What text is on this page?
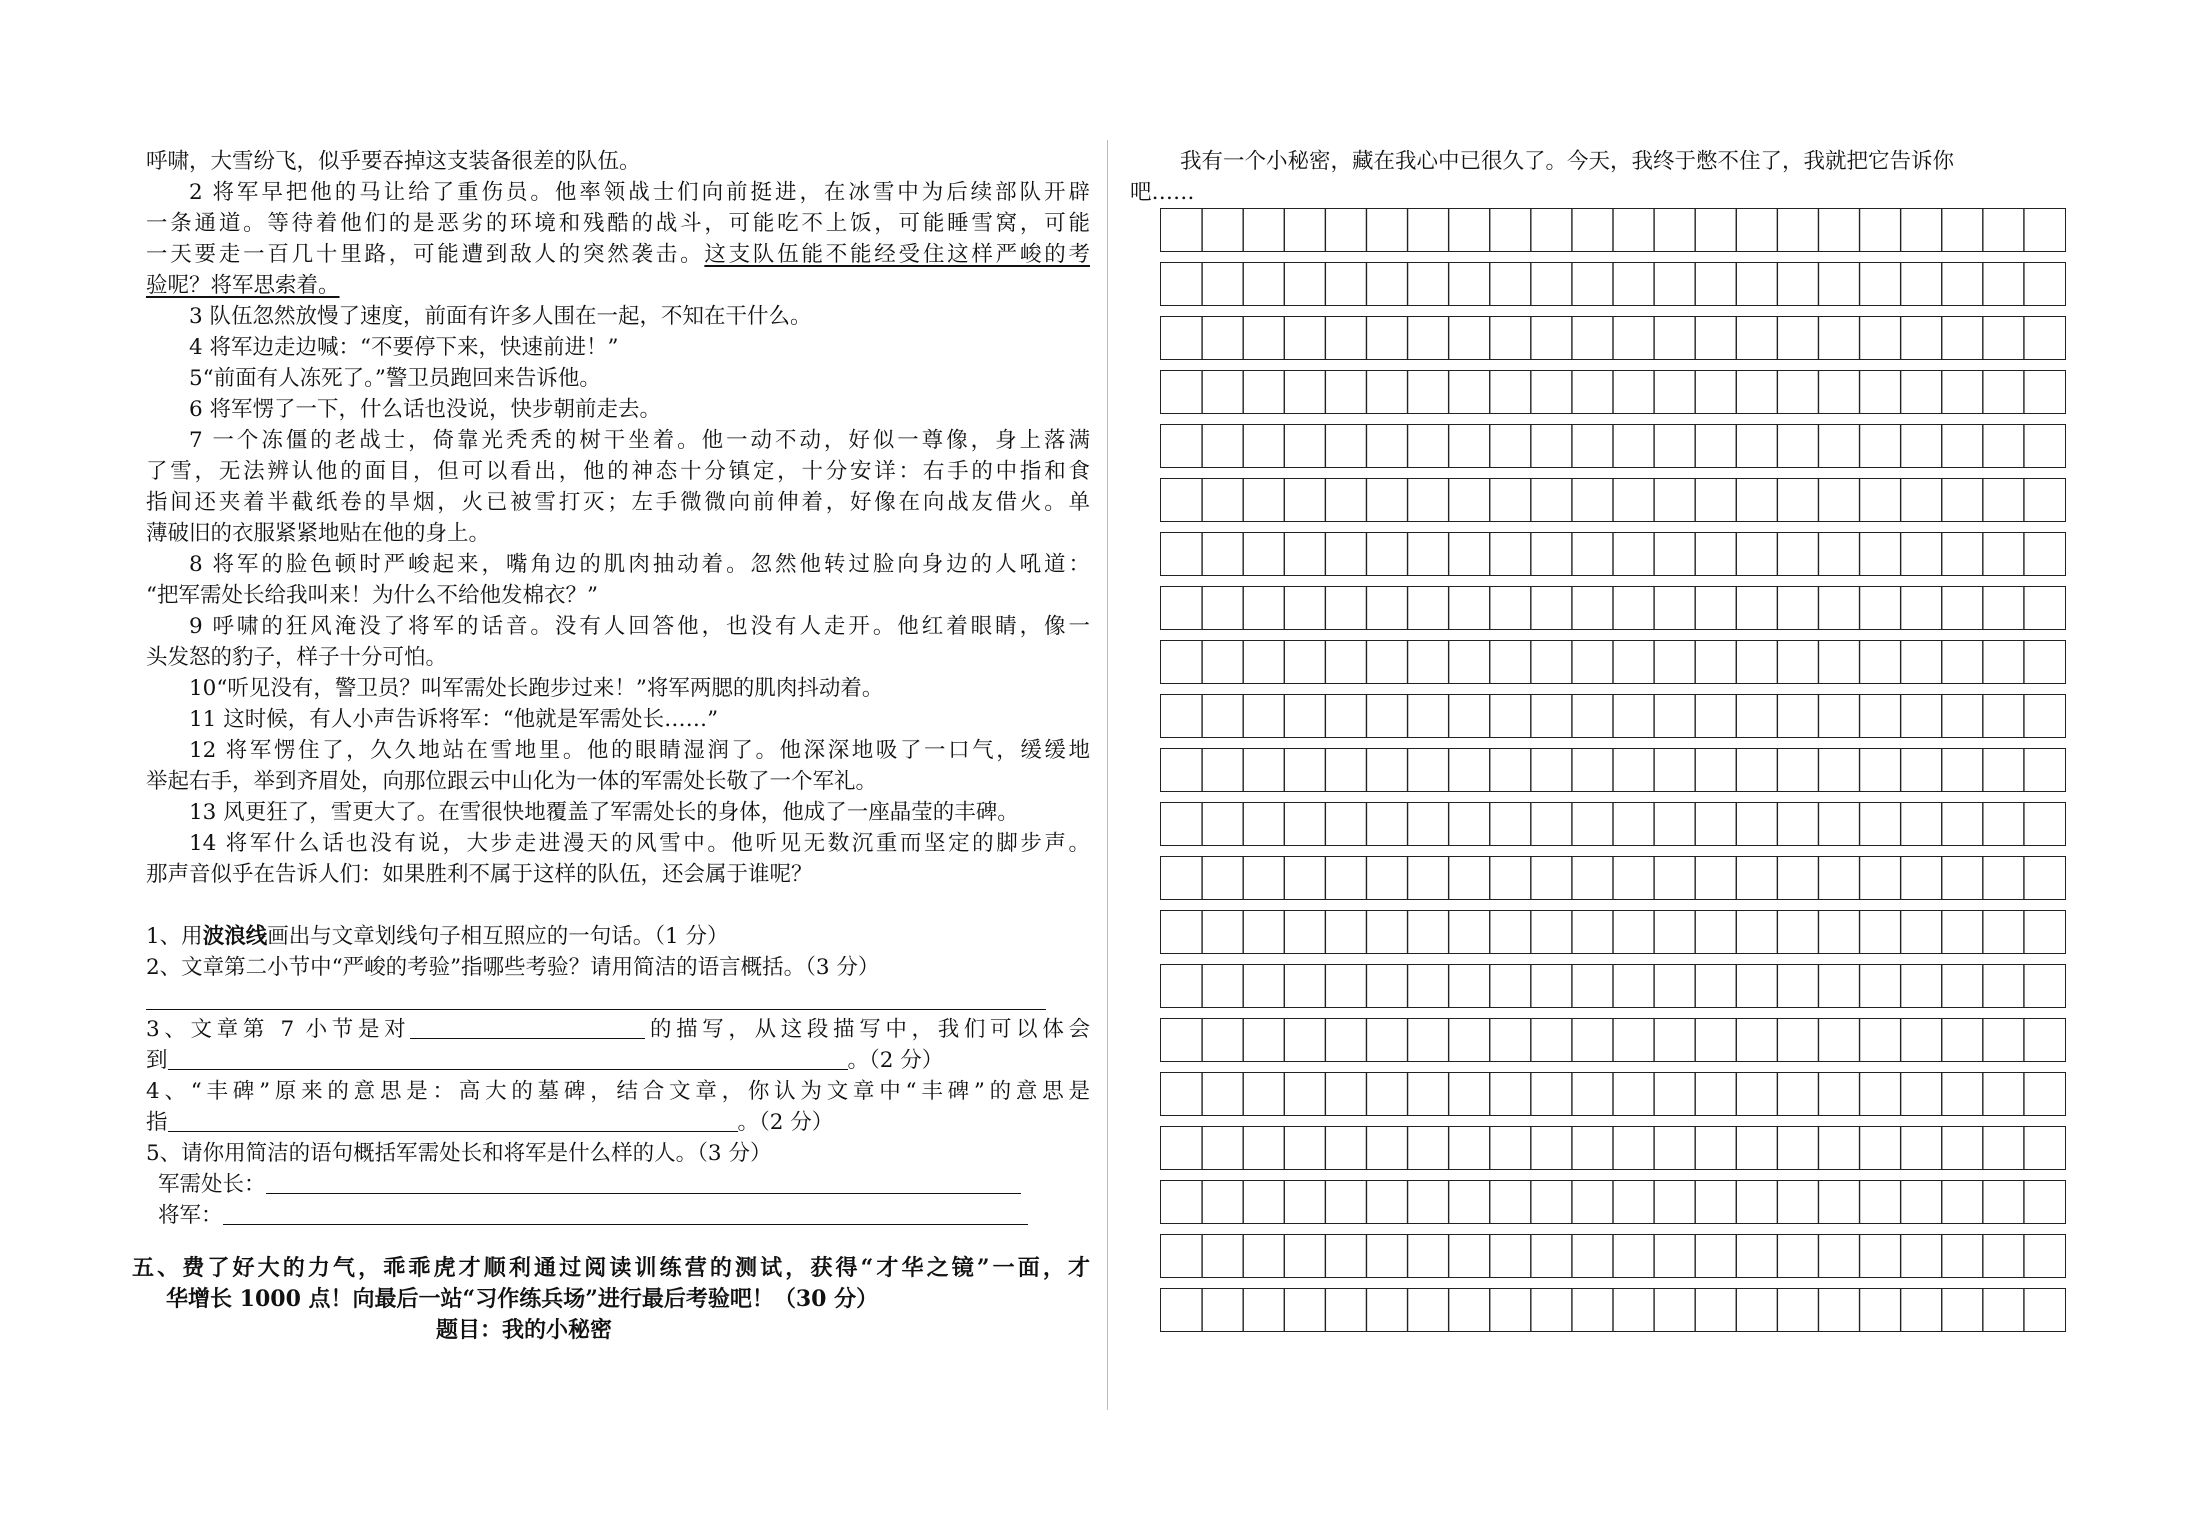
呼啸，大雪纷飞，似乎要吞掉这支装备很差的队伍。
2 将军早把他的马让给了重伤员。他率领战士们向前挺进，在冰雪中为后续部队开辟
一条通道。等待着他们的是恶劣的环境和残酷的战斗，可能吃不上饭，可能睡雪窝，可能
一天要走一百几十里路，可能遭到敌人的突然袭击。这支队伍能不能经受住这样严峻的考
验呢？将军思索着。
3 队伍忽然放慢了速度，前面有许多人围在一起，不知在干什么。
4 将军边走边喊：“不要停下来，快速前进！”
5“前面有人冻死了。”警卫员跑回来告诉他。
6 将军愣了一下，什么话也没说，快步朝前走去。
7 一个冻僵的老战士，倚靠光秃秃的树干坐着。他一动不动，好似一尊像，身上落满
了雪，无法辨认他的面目，但可以看出，他的神态十分镇定，十分安详：右手的中指和食
指间还夹着半截纸卷的旱烟，火已被雪打灭；左手微微向前伸着，好像在向战友借火。单
薄破旧的衣服紧紧地贴在他的身上。
8 将军的脸色顿时严峻起来，嘴角边的肌肉抽动着。忽然他转过脸向身边的人吼道：
“把军需处长给我叫来！为什么不给他发棉衣？”
9 呼啸的狂风淹没了将军的话音。没有人回答他，也没有人走开。他红着眼睛，像一
头发怒的豹子，样子十分可怕。
10“听见没有，警卫员？叫军需处长跑步过来！”将军两腮的肌肉抖动着。
11 这时候，有人小声告诉将军：“他就是军需处长……”
12 将军愣住了，久久地站在雪地里。他的眼睛湿润了。他深深地吸了一口气，缓缓地
举起右手，举到齐眉处，向那位跟云中山化为一体的军需处长敬了一个军礼。
13 风更狂了，雪更大了。在雪很快地覆盖了军需处长的身体，他成了一座晶莹的丰碑。
14 将军什么话也没有说，大步走进漫天的风雪中。他听见无数沉重而坚定的脚步声。
那声音似乎在告诉人们：如果胜利不属于这样的队伍，还会属于谁呢？
1、用波浪线画出与文章划线句子相互照应的一句话。（1 分）
2、文章第二小节中“严峻的考验”指哪些考验？请用简洁的语言概括。（3 分）
3、文章第 7 小节是对	的描写，从这段描写中，我们可以体会
到	。（2 分）
4、“丰碑”原来的意思是：高大的墓碑，结合文章，你认为文章中“丰碑”的意思是
指	。（2 分）
5、请你用简洁的语句概括军需处长和将军是什么样的人。（3 分）
军需处长：
将军：
五、费了好大的力气，乖乖虎才顺利通过阅读训练营的测试，获得“才华之镜”一面，才
华增长 1000 点！向最后一站“习作练兵场”进行最后考验吧！（30 分）
题目：我的小秘密
我有一个小秘密，藏在我心中已很久了。今天，我终于憋不住了，我就把它告诉你
吧……
